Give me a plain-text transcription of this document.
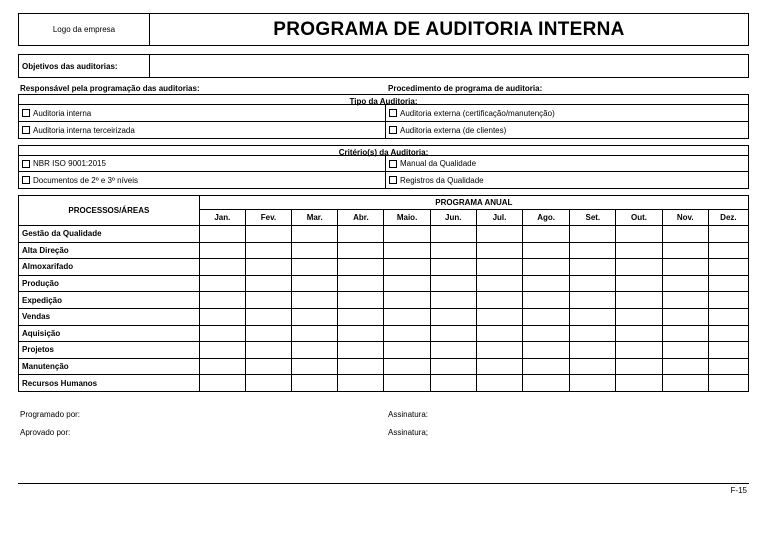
Logo da empresa	PROGRAMA DE AUDITORIA INTERNA
Objetivos das auditorias:
Responsável pela programação das auditorias:	Procedimento de programa de auditoria:
Tipo da Auditoria:
Auditoria interna	Auditoria externa (certificação/manutenção)
Auditoria interna terceirizada	Auditoria externa (de clientes)
Critério(s) da Auditoria:
NBR ISO 9001:2015	Manual da Qualidade
Documentos de 2º e 3º níveis	Registros da Qualidade
PROCESSOS/ÁREAS	PROGRAMA ANUAL											
	Jan.	Fev.	Mar.	Abr.	Maio.	Jun.	Jul.	Ago.	Set.	Out.	Nov.	Dez.
Gestão da Qualidade												
Alta Direção												
Almoxarifado												
Produção												
Expedição												
Vendas												
Aquisição												
Projetos												
Manutenção												
Recursos Humanos												
Programado por:	Assinatura:
Aprovado por:	Assinatura;
F-15
